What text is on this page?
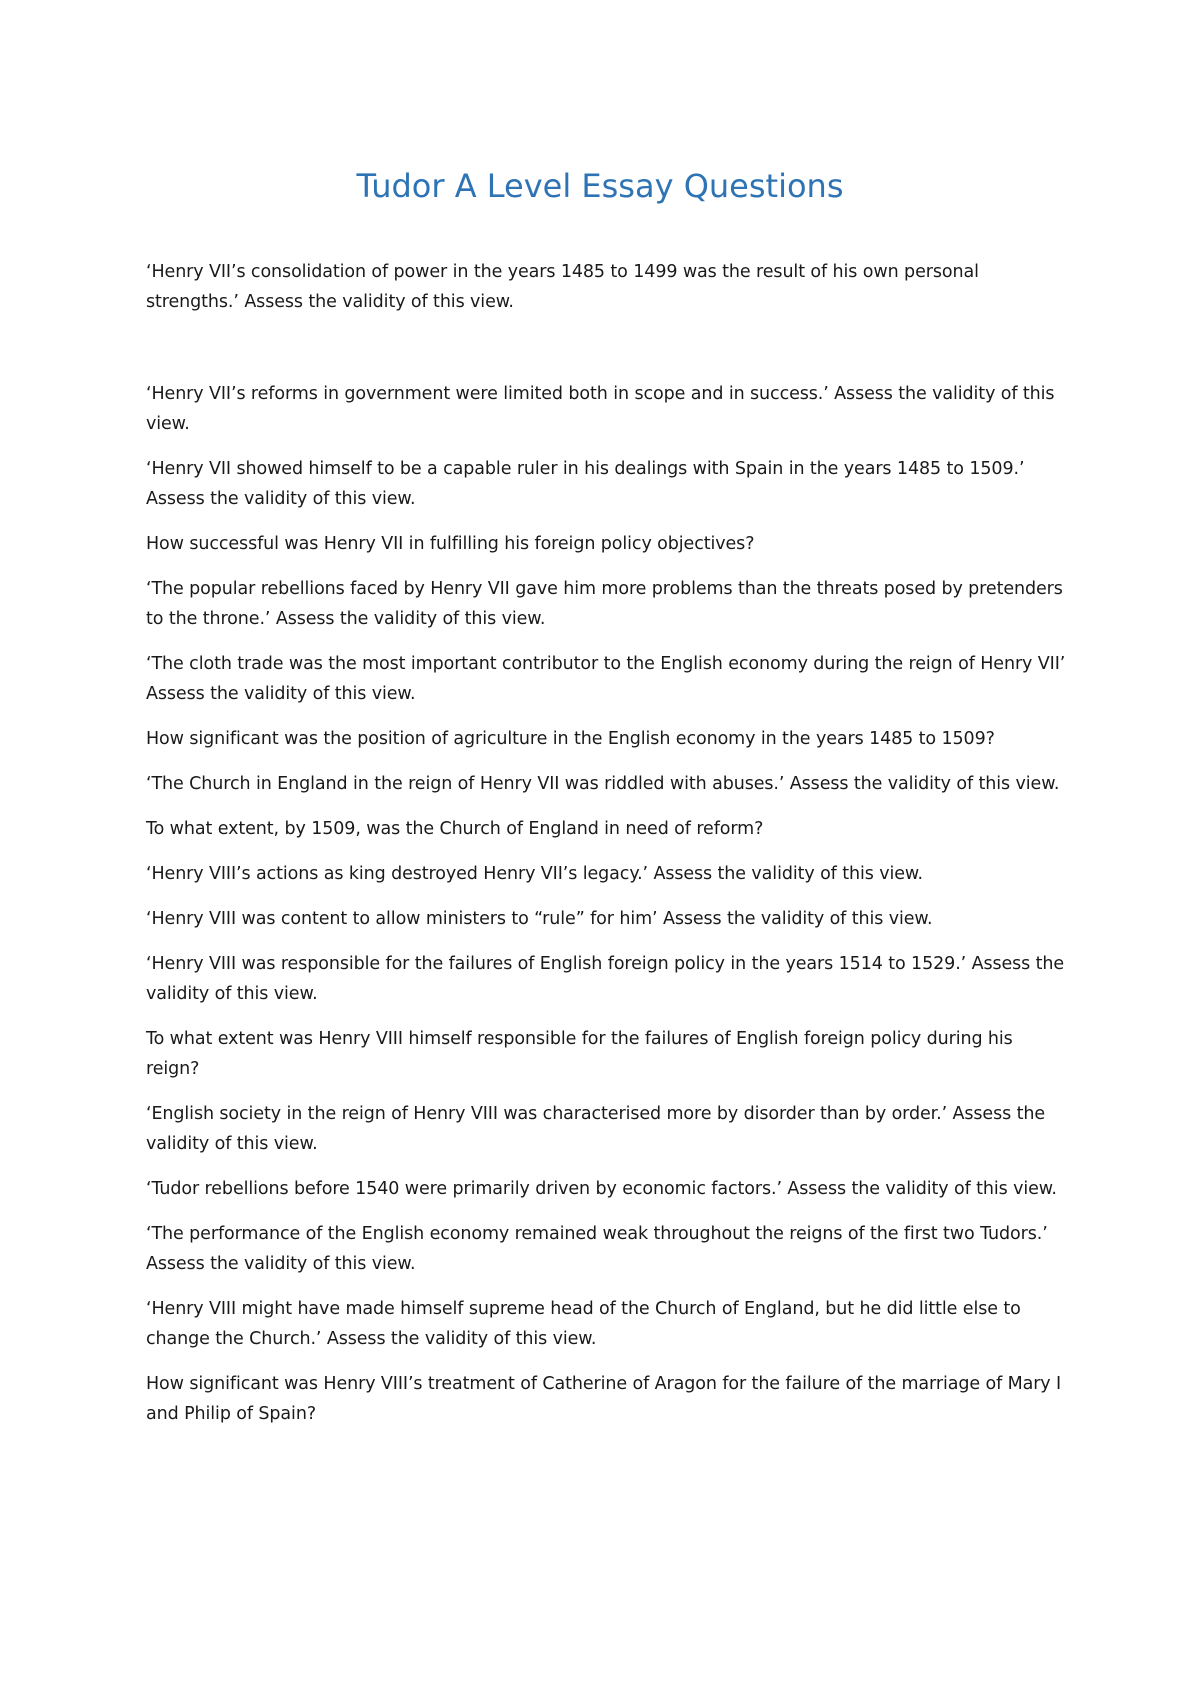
Tudor A Level Essay Questions
‘Henry VII’s consolidation of power in the years 1485 to 1499 was the result of his own personal strengths.’ Assess the validity of this view.
‘Henry VII’s reforms in government were limited both in scope and in success.’ Assess the validity of this view.
‘Henry VII showed himself to be a capable ruler in his dealings with Spain in the years 1485 to 1509.’ Assess the validity of this view.
How successful was Henry VII in fulfilling his foreign policy objectives?
‘The popular rebellions faced by Henry VII gave him more problems than the threats posed by pretenders to the throne.’ Assess the validity of this view.
‘The cloth trade was the most important contributor to the English economy during the reign of Henry VII’ Assess the validity of this view.
How significant was the position of agriculture in the English economy in the years 1485 to 1509?
‘The Church in England in the reign of Henry VII was riddled with abuses.’ Assess the validity of this view.
To what extent, by 1509, was the Church of England in need of reform?
‘Henry VIII’s actions as king destroyed Henry VII’s legacy.’ Assess the validity of this view.
‘Henry VIII was content to allow ministers to “rule” for him’ Assess the validity of this view.
‘Henry VIII was responsible for the failures of English foreign policy in the years 1514 to 1529.’ Assess the validity of this view.
To what extent was Henry VIII himself responsible for the failures of English foreign policy during his reign?
‘English society in the reign of Henry VIII was characterised more by disorder than by order.’ Assess the validity of this view.
‘Tudor rebellions before 1540 were primarily driven by economic factors.’ Assess the validity of this view.
‘The performance of the English economy remained weak throughout the reigns of the first two Tudors.’ Assess the validity of this view.
‘Henry VIII might have made himself supreme head of the Church of England, but he did little else to change the Church.’ Assess the validity of this view.
How significant was Henry VIII’s treatment of Catherine of Aragon for the failure of the marriage of Mary I and Philip of Spain?
